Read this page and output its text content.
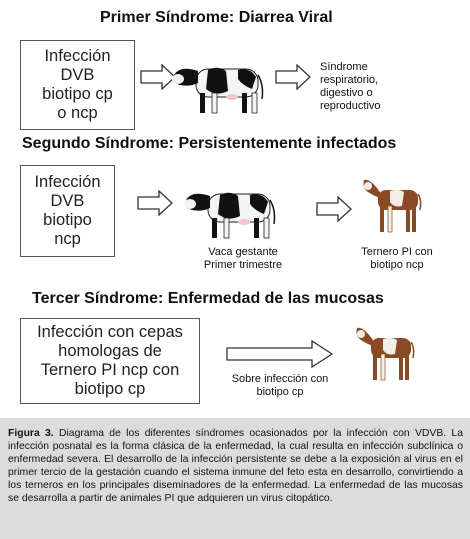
Primer Síndrome: Diarrea Viral
Infección
DVB
biotipo cp
o ncp
Síndrome
respiratorio,
digestivo o
reproductivo
Segundo Síndrome: Persistentemente infectados
Infección
DVB
biotipo
ncp
Vaca gestante
Primer trimestre
Ternero PI con
biotipo ncp
Tercer Síndrome: Enfermedad de las mucosas
Infección con cepas
homologas de
Ternero PI ncp con
biotipo cp
Sobre infección con
biotipo cp
Figura 3. Diagrama de los diferentes síndromes ocasionados por la infección con VDVB. La infección posnatal es la forma clásica de la enfermedad, la cual resulta en infección subclínica o enfermedad severa. El desarrollo de la infección persistente se debe a la exposición al virus en el primer tercio de la gestación cuando el sistema inmune del feto esta en desarrollo, convirtiendo a los terneros en los principales diseminadores de la enfermedad. La enfermedad de las mucosas se desarrolla a partir de animales PI que adquieren un virus citopático.
